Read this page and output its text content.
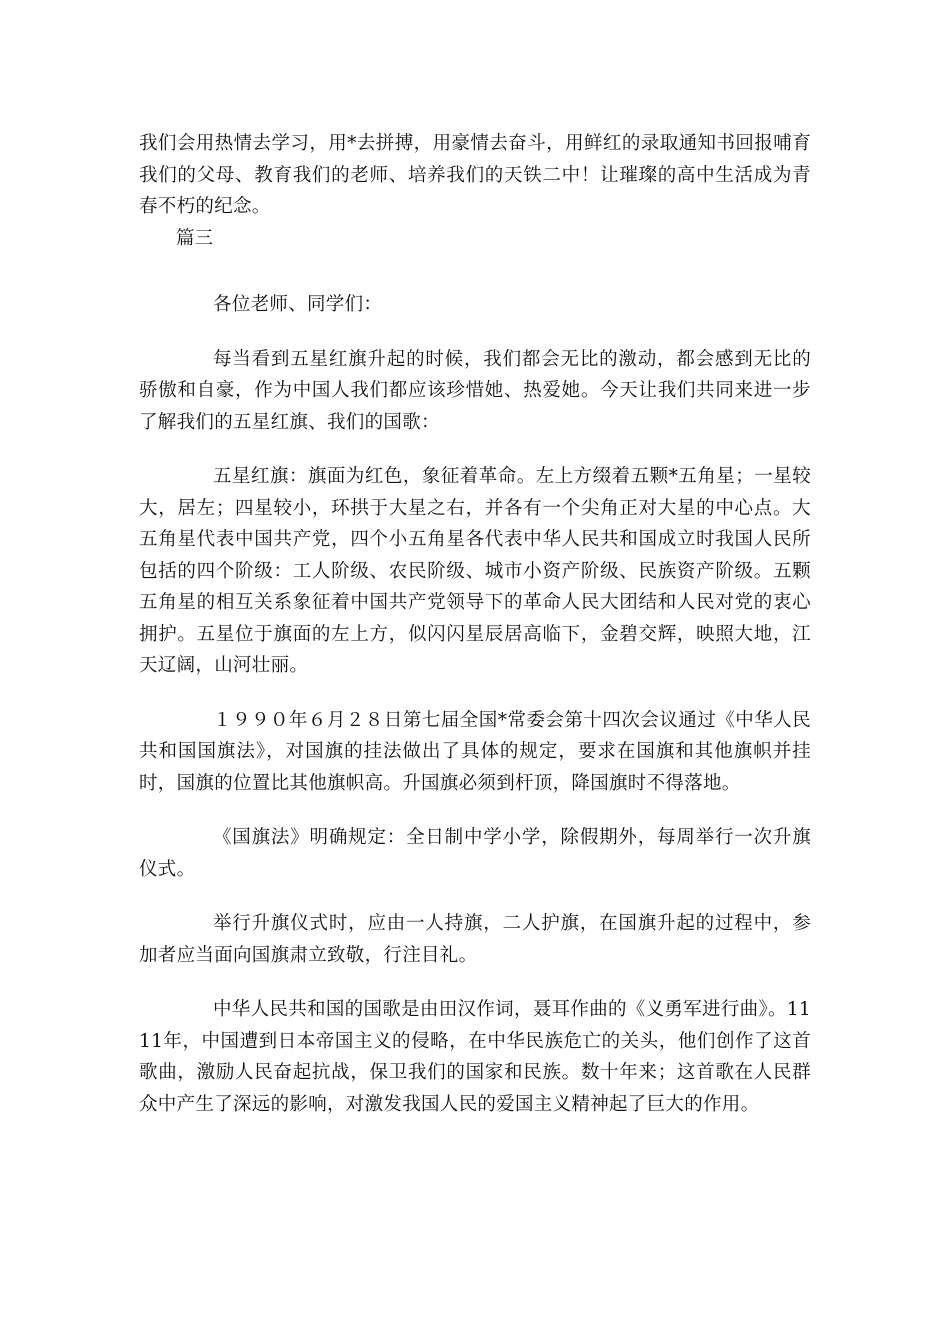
我们会用热情去学习，用*去拼搏，用豪情去奋斗，用鲜红的录取通知书回报哺育我们的父母、教育我们的老师、培养我们的天铁二中！让璀璨的高中生活成为青春不朽的纪念。

篇三

各位老师、同学们：

每当看到五星红旗升起的时候，我们都会无比的激动，都会感到无比的骄傲和自豪，作为中国人我们都应该珍惜她、热爱她。今天让我们共同来进一步了解我们的五星红旗、我们的国歌：

五星红旗：旗面为红色，象征着革命。左上方缀着五颗*五角星；一星较大，居左；四星较小，环拱于大星之右，并各有一个尖角正对大星的中心点。大五角星代表中国共产党，四个小五角星各代表中华人民共和国成立时我国人民所包括的四个阶级：工人阶级、农民阶级、城市小资产阶级、民族资产阶级。五颗五角星的相互关系象征着中国共产党领导下的革命人民大团结和人民对党的衷心拥护。五星位于旗面的左上方，似闪闪星辰居高临下，金碧交辉，映照大地，江天辽阔，山河壮丽。

１９９０年６月２８日第七届全国*常委会第十四次会议通过《中华人民共和国国旗法》，对国旗的挂法做出了具体的规定，要求在国旗和其他旗帜并挂时，国旗的位置比其他旗帜高。升国旗必须到杆顶，降国旗时不得落地。

《国旗法》明确规定：全日制中学小学，除假期外，每周举行一次升旗仪式。

举行升旗仪式时，应由一人持旗，二人护旗，在国旗升起的过程中，参加者应当面向国旗肃立致敬，行注目礼。

中华人民共和国的国歌是由田汉作词，聂耳作曲的《义勇军进行曲》。1111年，中国遭到日本帝国主义的侵略，在中华民族危亡的关头，他们创作了这首歌曲，激励人民奋起抗战，保卫我们的国家和民族。数十年来；这首歌在人民群众中产生了深远的影响，对激发我国人民的爱国主义精神起了巨大的作用。
